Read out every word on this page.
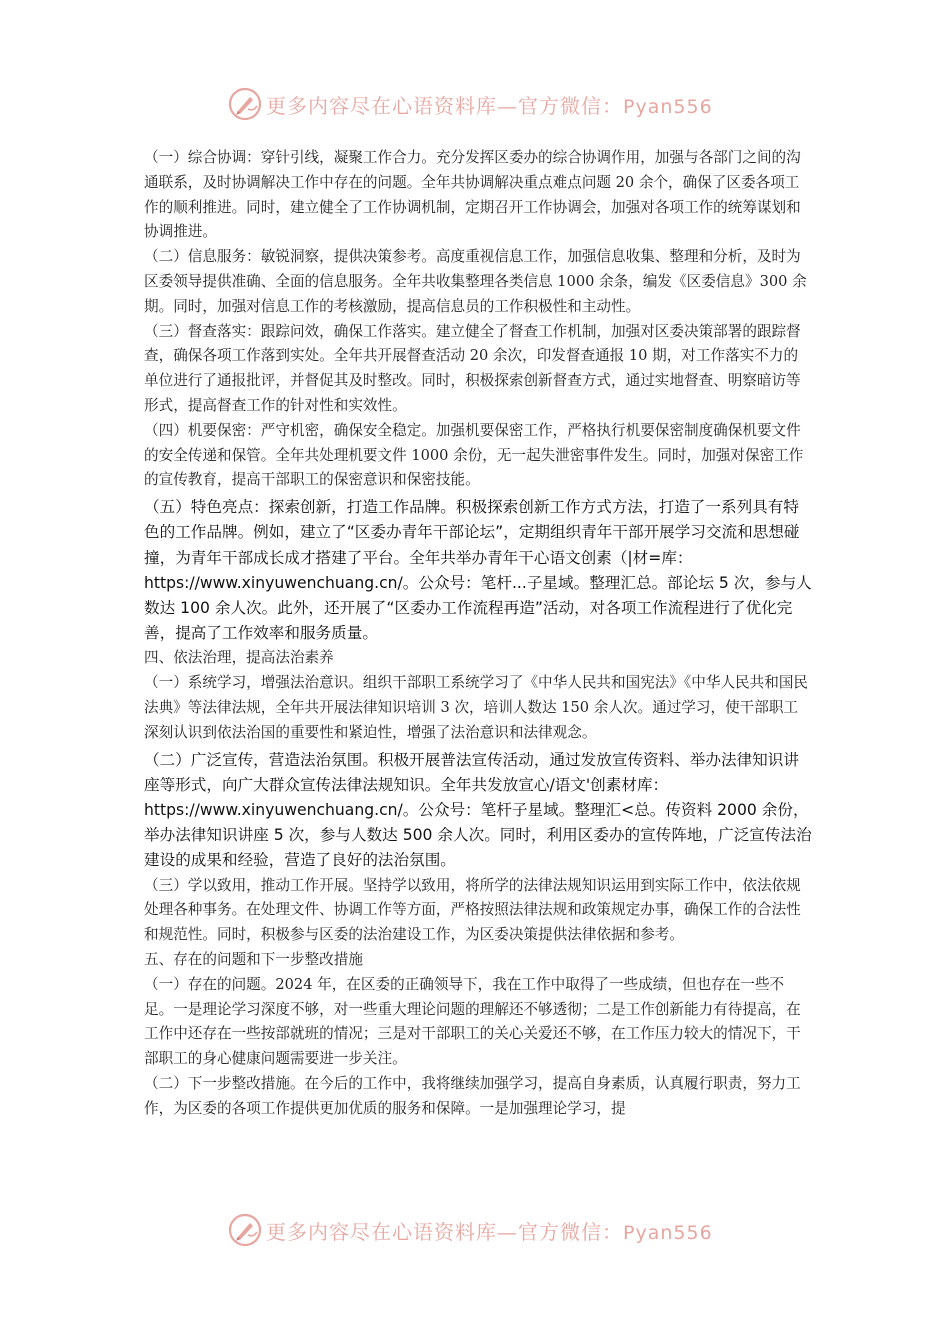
更多内容尽在心语资料库—官方微信：Pyan556

（一）综合协调：穿针引线，凝聚工作合力。充分发挥区委办的综合协调作用，加强与各部门之间的沟通联系，及时协调解决工作中存在的问题。全年共协调解决重点难点问题 20 余个，确保了区委各项工作的顺利推进。同时，建立健全了工作协调机制，定期召开工作协调会，加强对各项工作的统筹谋划和协调推进。

（二）信息服务：敏锐洞察，提供决策参考。高度重视信息工作，加强信息收集、整理和分析，及时为区委领导提供准确、全面的信息服务。全年共收集整理各类信息 1000 余条，编发《区委信息》300 余期。同时，加强对信息工作的考核激励，提高信息员的工作积极性和主动性。

（三）督查落实：跟踪问效，确保工作落实。建立健全了督查工作机制，加强对区委决策部署的跟踪督查，确保各项工作落到实处。全年共开展督查活动 20 余次，印发督查通报 10 期，对工作落实不力的单位进行了通报批评，并督促其及时整改。同时，积极探索创新督查方式，通过实地督查、明察暗访等形式，提高督查工作的针对性和实效性。

（四）机要保密：严守机密，确保安全稳定。加强机要保密工作，严格执行机要保密制度确保机要文件的安全传递和保管。全年共处理机要文件 1000 余份，无一起失泄密事件发生。同时，加强对保密工作的宣传教育，提高干部职工的保密意识和保密技能。

（五）特色亮点：探索创新，打造工作品牌。积极探索创新工作方式方法，打造了一系列具有特色的工作品牌。例如，建立了“区委办青年干部论坛”，定期组织青年干部开展学习交流和思想碰撞，为青年干部成长成才搭建了平台。全年共举办青年干心语文创素（|材=库：https://www.xinyuwenchuang.cn/。公众号：笔杆...子星域。整理汇总。部论坛 5 次，参与人数达 100 余人次。此外，还开展了“区委办工作流程再造”活动，对各项工作流程进行了优化完善，提高了工作效率和服务质量。

四、依法治理，提高法治素养

（一）系统学习，增强法治意识。组织干部职工系统学习了《中华人民共和国宪法》《中华人民共和国民法典》等法律法规，全年共开展法律知识培训 3 次，培训人数达 150 余人次。通过学习，使干部职工深刻认识到依法治国的重要性和紧迫性，增强了法治意识和法律观念。

（二）广泛宣传，营造法治氛围。积极开展普法宣传活动，通过发放宣传资料、举办法律知识讲座等形式，向广大群众宣传法律法规知识。全年共发放宣心/语文'创素材库：https://www.xinyuwenchuang.cn/。公众号：笔杆子星域。整理汇<总。传资料 2000 余份，举办法律知识讲座 5 次，参与人数达 500 余人次。同时，利用区委办的宣传阵地，广泛宣传法治建设的成果和经验，营造了良好的法治氛围。

（三）学以致用，推动工作开展。坚持学以致用，将所学的法律法规知识运用到实际工作中，依法依规处理各种事务。在处理文件、协调工作等方面，严格按照法律法规和政策规定办事，确保工作的合法性和规范性。同时，积极参与区委的法治建设工作，为区委决策提供法律依据和参考。

五、存在的问题和下一步整改措施

（一）存在的问题。2024 年，在区委的正确领导下，我在工作中取得了一些成绩，但也存在一些不足。一是理论学习深度不够，对一些重大理论问题的理解还不够透彻；二是工作创新能力有待提高，在工作中还存在一些按部就班的情况；三是对干部职工的关心关爱还不够，在工作压力较大的情况下，干部职工的身心健康问题需要进一步关注。

（二）下一步整改措施。在今后的工作中，我将继续加强学习，提高自身素质，认真履行职责，努力工作，为区委的各项工作提供更加优质的服务和保障。一是加强理论学习，提

更多内容尽在心语资料库—官方微信：Pyan556
